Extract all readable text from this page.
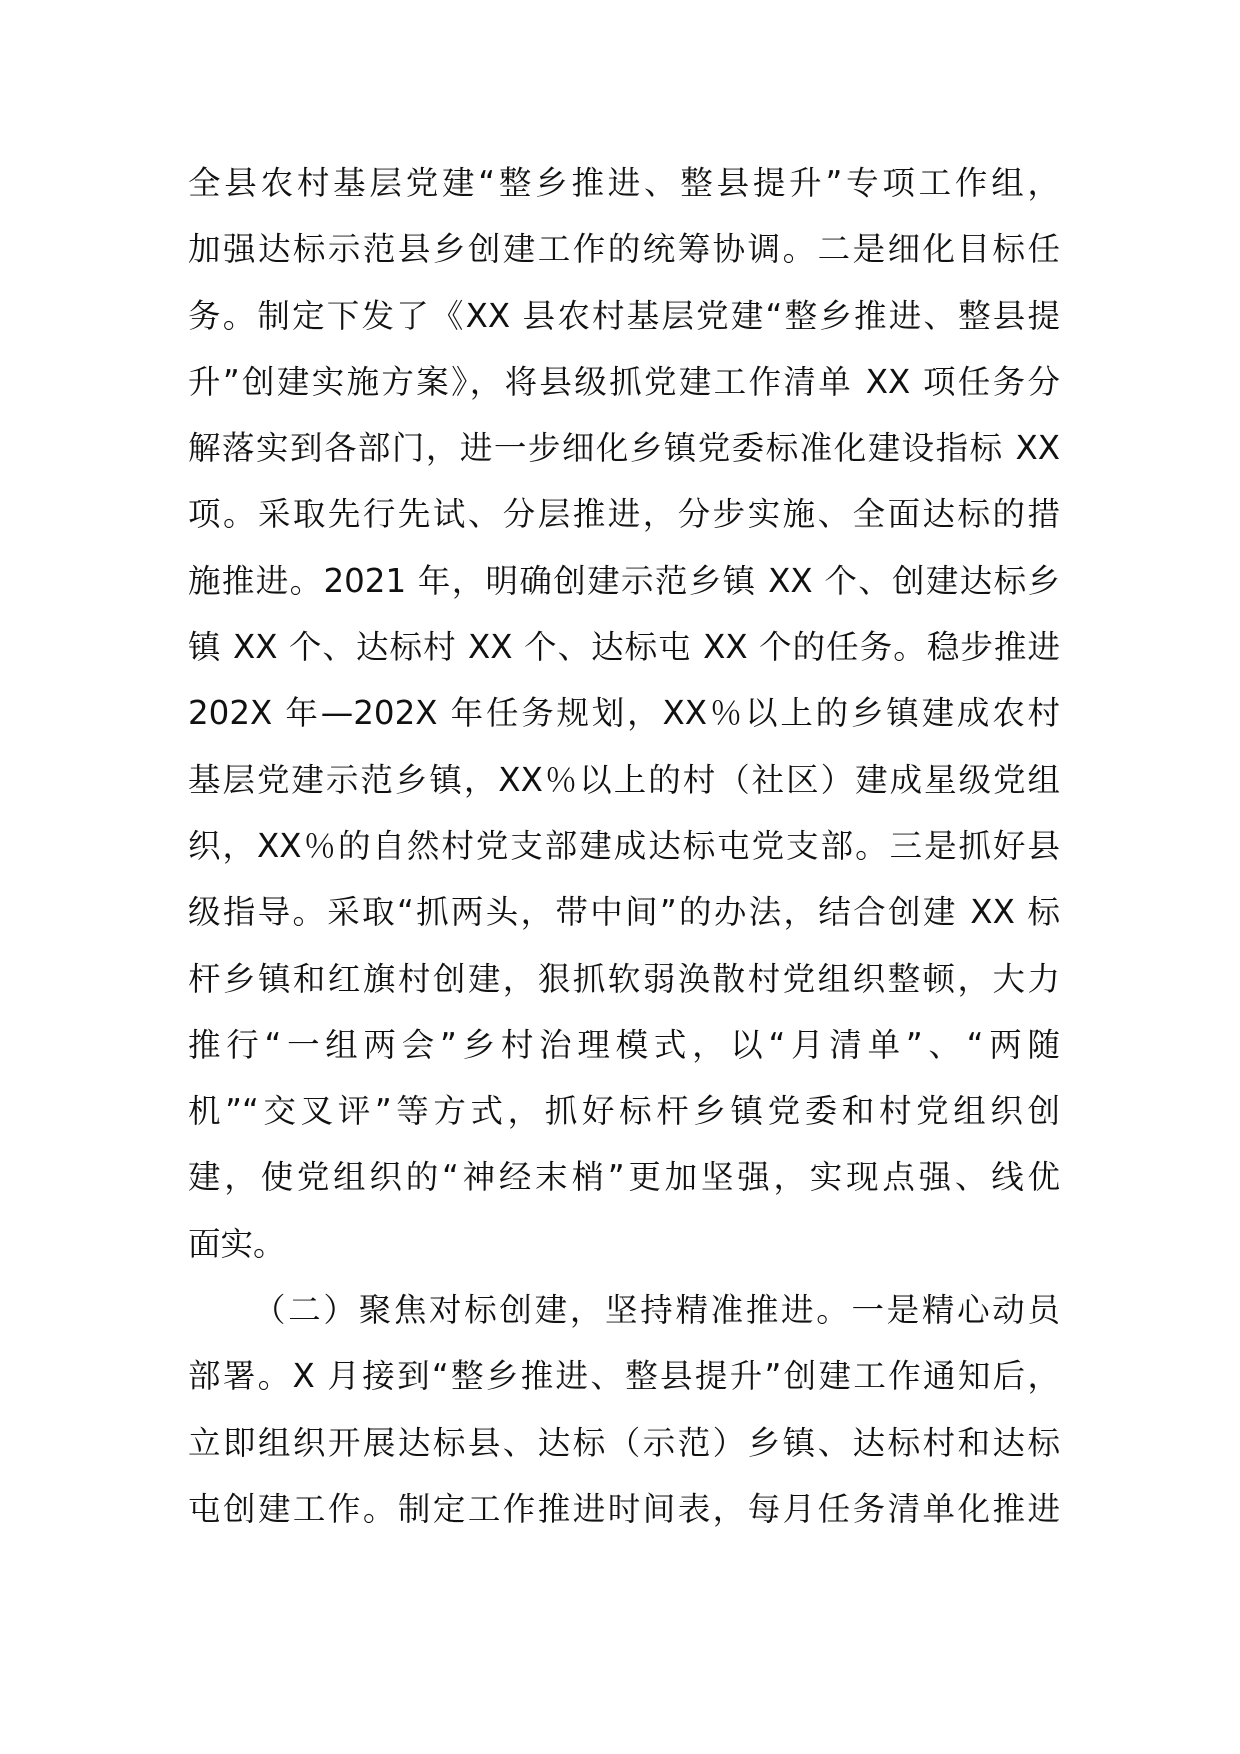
全县农村基层党建“整乡推进、整县提升”专项工作组，
加强达标示范县乡创建工作的统筹协调。二是细化目标任
务。制定下发了《XX 县农村基层党建“整乡推进、整县提
升”创建实施方案》，将县级抓党建工作清单 XX 项任务分
解落实到各部门，进一步细化乡镇党委标准化建设指标 XX
项。采取先行先试、分层推进，分步实施、全面达标的措
施推进。2021 年，明确创建示范乡镇 XX 个、创建达标乡
镇 XX 个、达标村 XX 个、达标屯 XX 个的任务。稳步推进
202X 年—202X 年任务规划，XX％以上的乡镇建成农村
基层党建示范乡镇，XX％以上的村（社区）建成星级党组
织，XX％的自然村党支部建成达标屯党支部。三是抓好县
级指导。采取“抓两头，带中间”的办法，结合创建 XX 标
杆乡镇和红旗村创建，狠抓软弱涣散村党组织整顿，大力
推行“一组两会”乡村治理模式，以“月清单”、“两随
机”“交叉评”等方式，抓好标杆乡镇党委和村党组织创
建，使党组织的“神经末梢”更加坚强，实现点强、线优
面实。
（二）聚焦对标创建，坚持精准推进。一是精心动员
部署。X 月接到“整乡推进、整县提升”创建工作通知后，
立即组织开展达标县、达标（示范）乡镇、达标村和达标
屯创建工作。制定工作推进时间表，每月任务清单化推进
